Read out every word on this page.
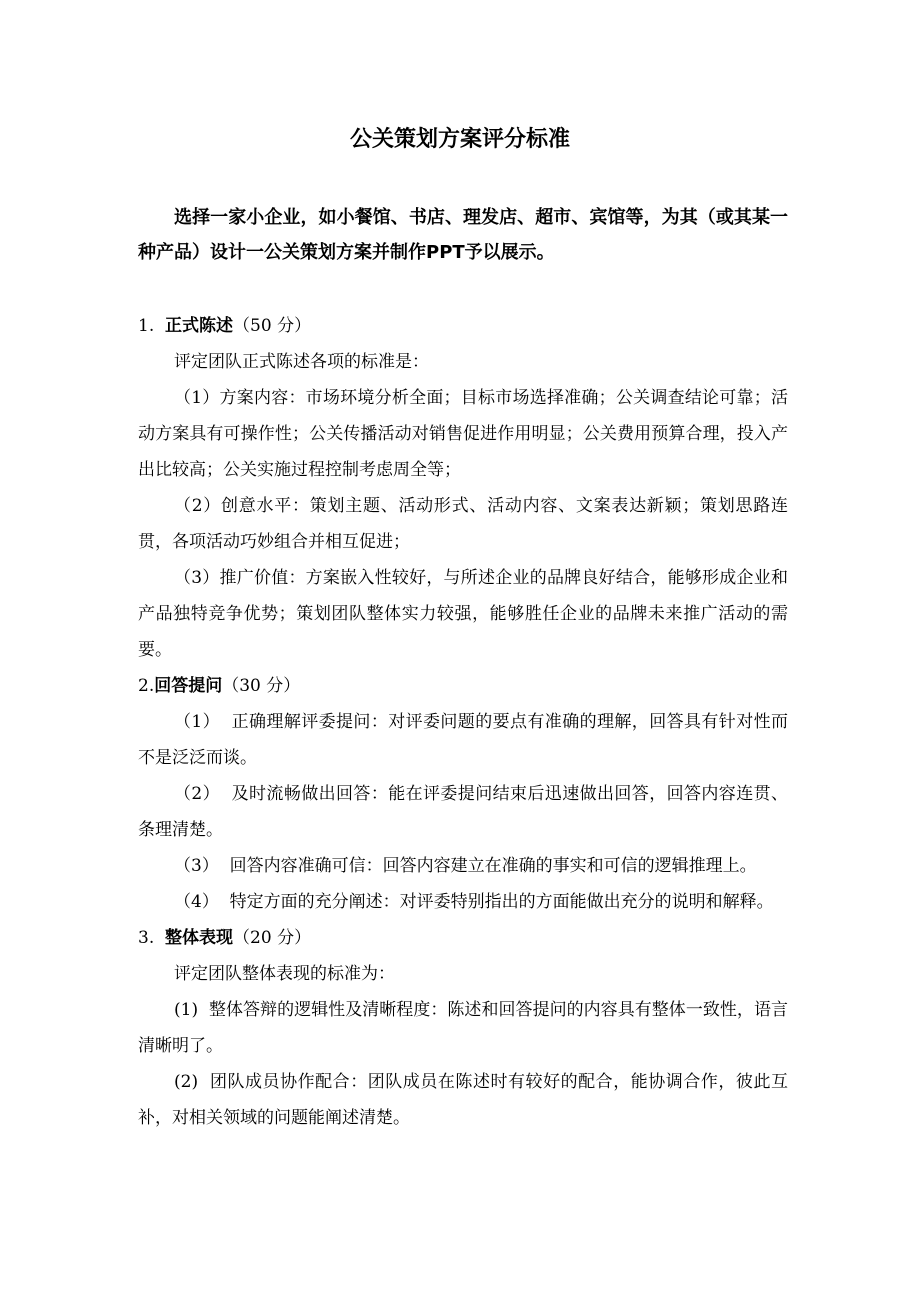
公关策划方案评分标准
选择一家小企业，如小餐馆、书店、理发店、超市、宾馆等，为其（或其某一种产品）设计一公关策划方案并制作PPT予以展示。
1.  正式陈述（50 分）

评定团队正式陈述各项的标准是：

（1）方案内容：市场环境分析全面；目标市场选择准确；公关调查结论可靠；活动方案具有可操作性；公关传播活动对销售促进作用明显；公关费用预算合理，投入产出比较高；公关实施过程控制考虑周全等；

（2）创意水平：策划主题、活动形式、活动内容、文案表达新颖；策划思路连贯，各项活动巧妙组合并相互促进；

（3）推广价值：方案嵌入性较好，与所述企业的品牌良好结合，能够形成企业和产品独特竞争优势；策划团队整体实力较强，能够胜任企业的品牌未来推广活动的需要。

2.回答提问（30 分）

（1）  正确理解评委提问：对评委问题的要点有准确的理解，回答具有针对性而不是泛泛而谈。

（2）  及时流畅做出回答：能在评委提问结束后迅速做出回答，回答内容连贯、条理清楚。

（3）  回答内容准确可信：回答内容建立在准确的事实和可信的逻辑推理上。

（4）  特定方面的充分阐述：对评委特别指出的方面能做出充分的说明和解释。

3.  整体表现（20 分）

评定团队整体表现的标准为：

(1)  整体答辩的逻辑性及清晰程度：陈述和回答提问的内容具有整体一致性，语言清晰明了。

(2)  团队成员协作配合：团队成员在陈述时有较好的配合，能协调合作，彼此互补，对相关领域的问题能阐述清楚。
